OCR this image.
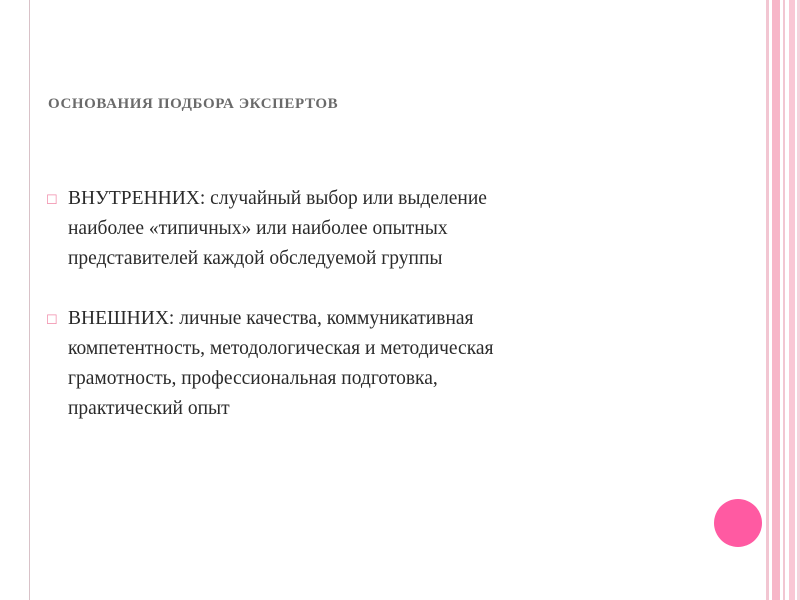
ОСНОВАНИЯ ПОДБОРА ЭКСПЕРТОВ
☐ ВНУТРЕННИХ: случайный выбор или выделение
наиболее «типичных» или наиболее опытных
представителей каждой обследуемой группы
☐ ВНЕШНИХ: личные качества, коммуникативная
компетентность, методологическая и методическая
грамотность, профессиональная подготовка,
практический опыт
